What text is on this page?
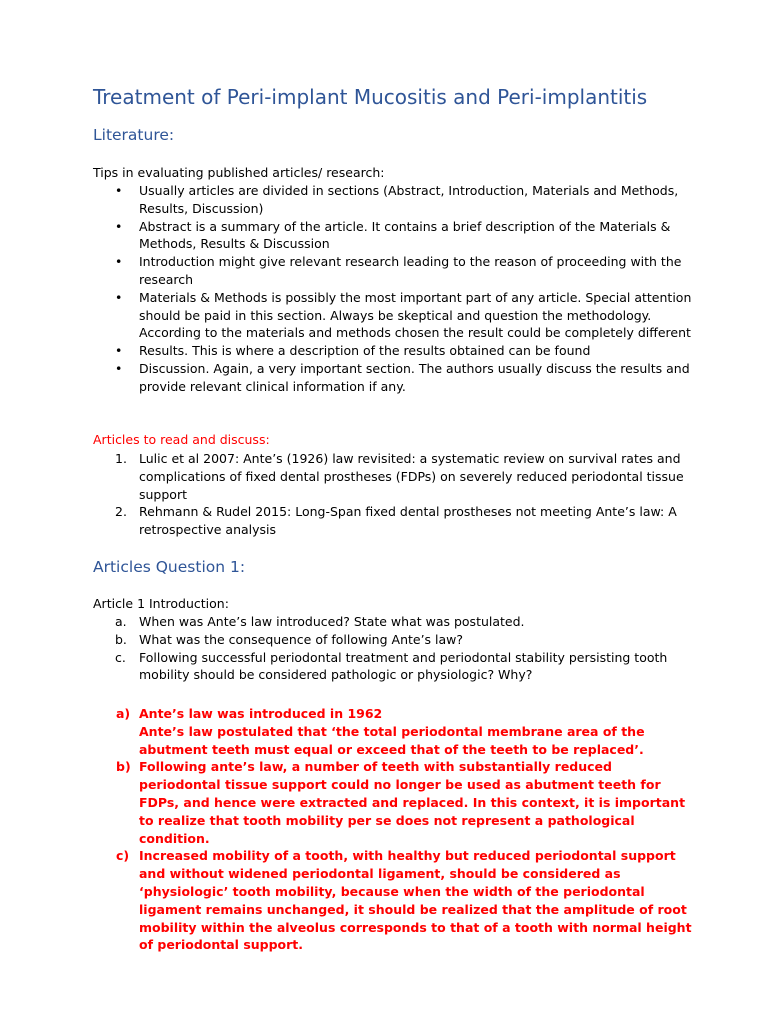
Treatment of Peri-implant Mucositis and Peri-implantitis
Literature:
Tips in evaluating published articles/ research:
• Usually articles are divided in sections (Abstract, Introduction, Materials and Methods, Results, Discussion)
• Abstract is a summary of the article. It contains a brief description of the Materials & Methods, Results & Discussion
• Introduction might give relevant research leading to the reason of proceeding with the research
• Materials & Methods is possibly the most important part of any article. Special attention should be paid in this section. Always be skeptical and question the methodology. According to the materials and methods chosen the result could be completely different
• Results. This is where a description of the results obtained can be found
• Discussion. Again, a very important section. The authors usually discuss the results and provide relevant clinical information if any.
Articles to read and discuss:
1. Lulic et al 2007: Ante’s (1926) law revisited: a systematic review on survival rates and complications of fixed dental prostheses (FDPs) on severely reduced periodontal tissue support
2. Rehmann & Rudel 2015: Long-Span fixed dental prostheses not meeting Ante’s law: A retrospective analysis
Articles Question 1:
Article 1 Introduction:
a. When was Ante’s law introduced? State what was postulated.
b. What was the consequence of following Ante’s law?
c. Following successful periodontal treatment and periodontal stability persisting tooth mobility should be considered pathologic or physiologic? Why?
a) Ante’s law was introduced in 1962
Ante’s law postulated that ‘the total periodontal membrane area of the abutment teeth must equal or exceed that of the teeth to be replaced’.
b) Following ante’s law, a number of teeth with substantially reduced periodontal tissue support could no longer be used as abutment teeth for FDPs, and hence were extracted and replaced. In this context, it is important to realize that tooth mobility per se does not represent a pathological condition.
c) Increased mobility of a tooth, with healthy but reduced periodontal support and without widened periodontal ligament, should be considered as ‘physiologic’ tooth mobility, because when the width of the periodontal ligament remains unchanged, it should be realized that the amplitude of root mobility within the alveolus corresponds to that of a tooth with normal height of periodontal support.
